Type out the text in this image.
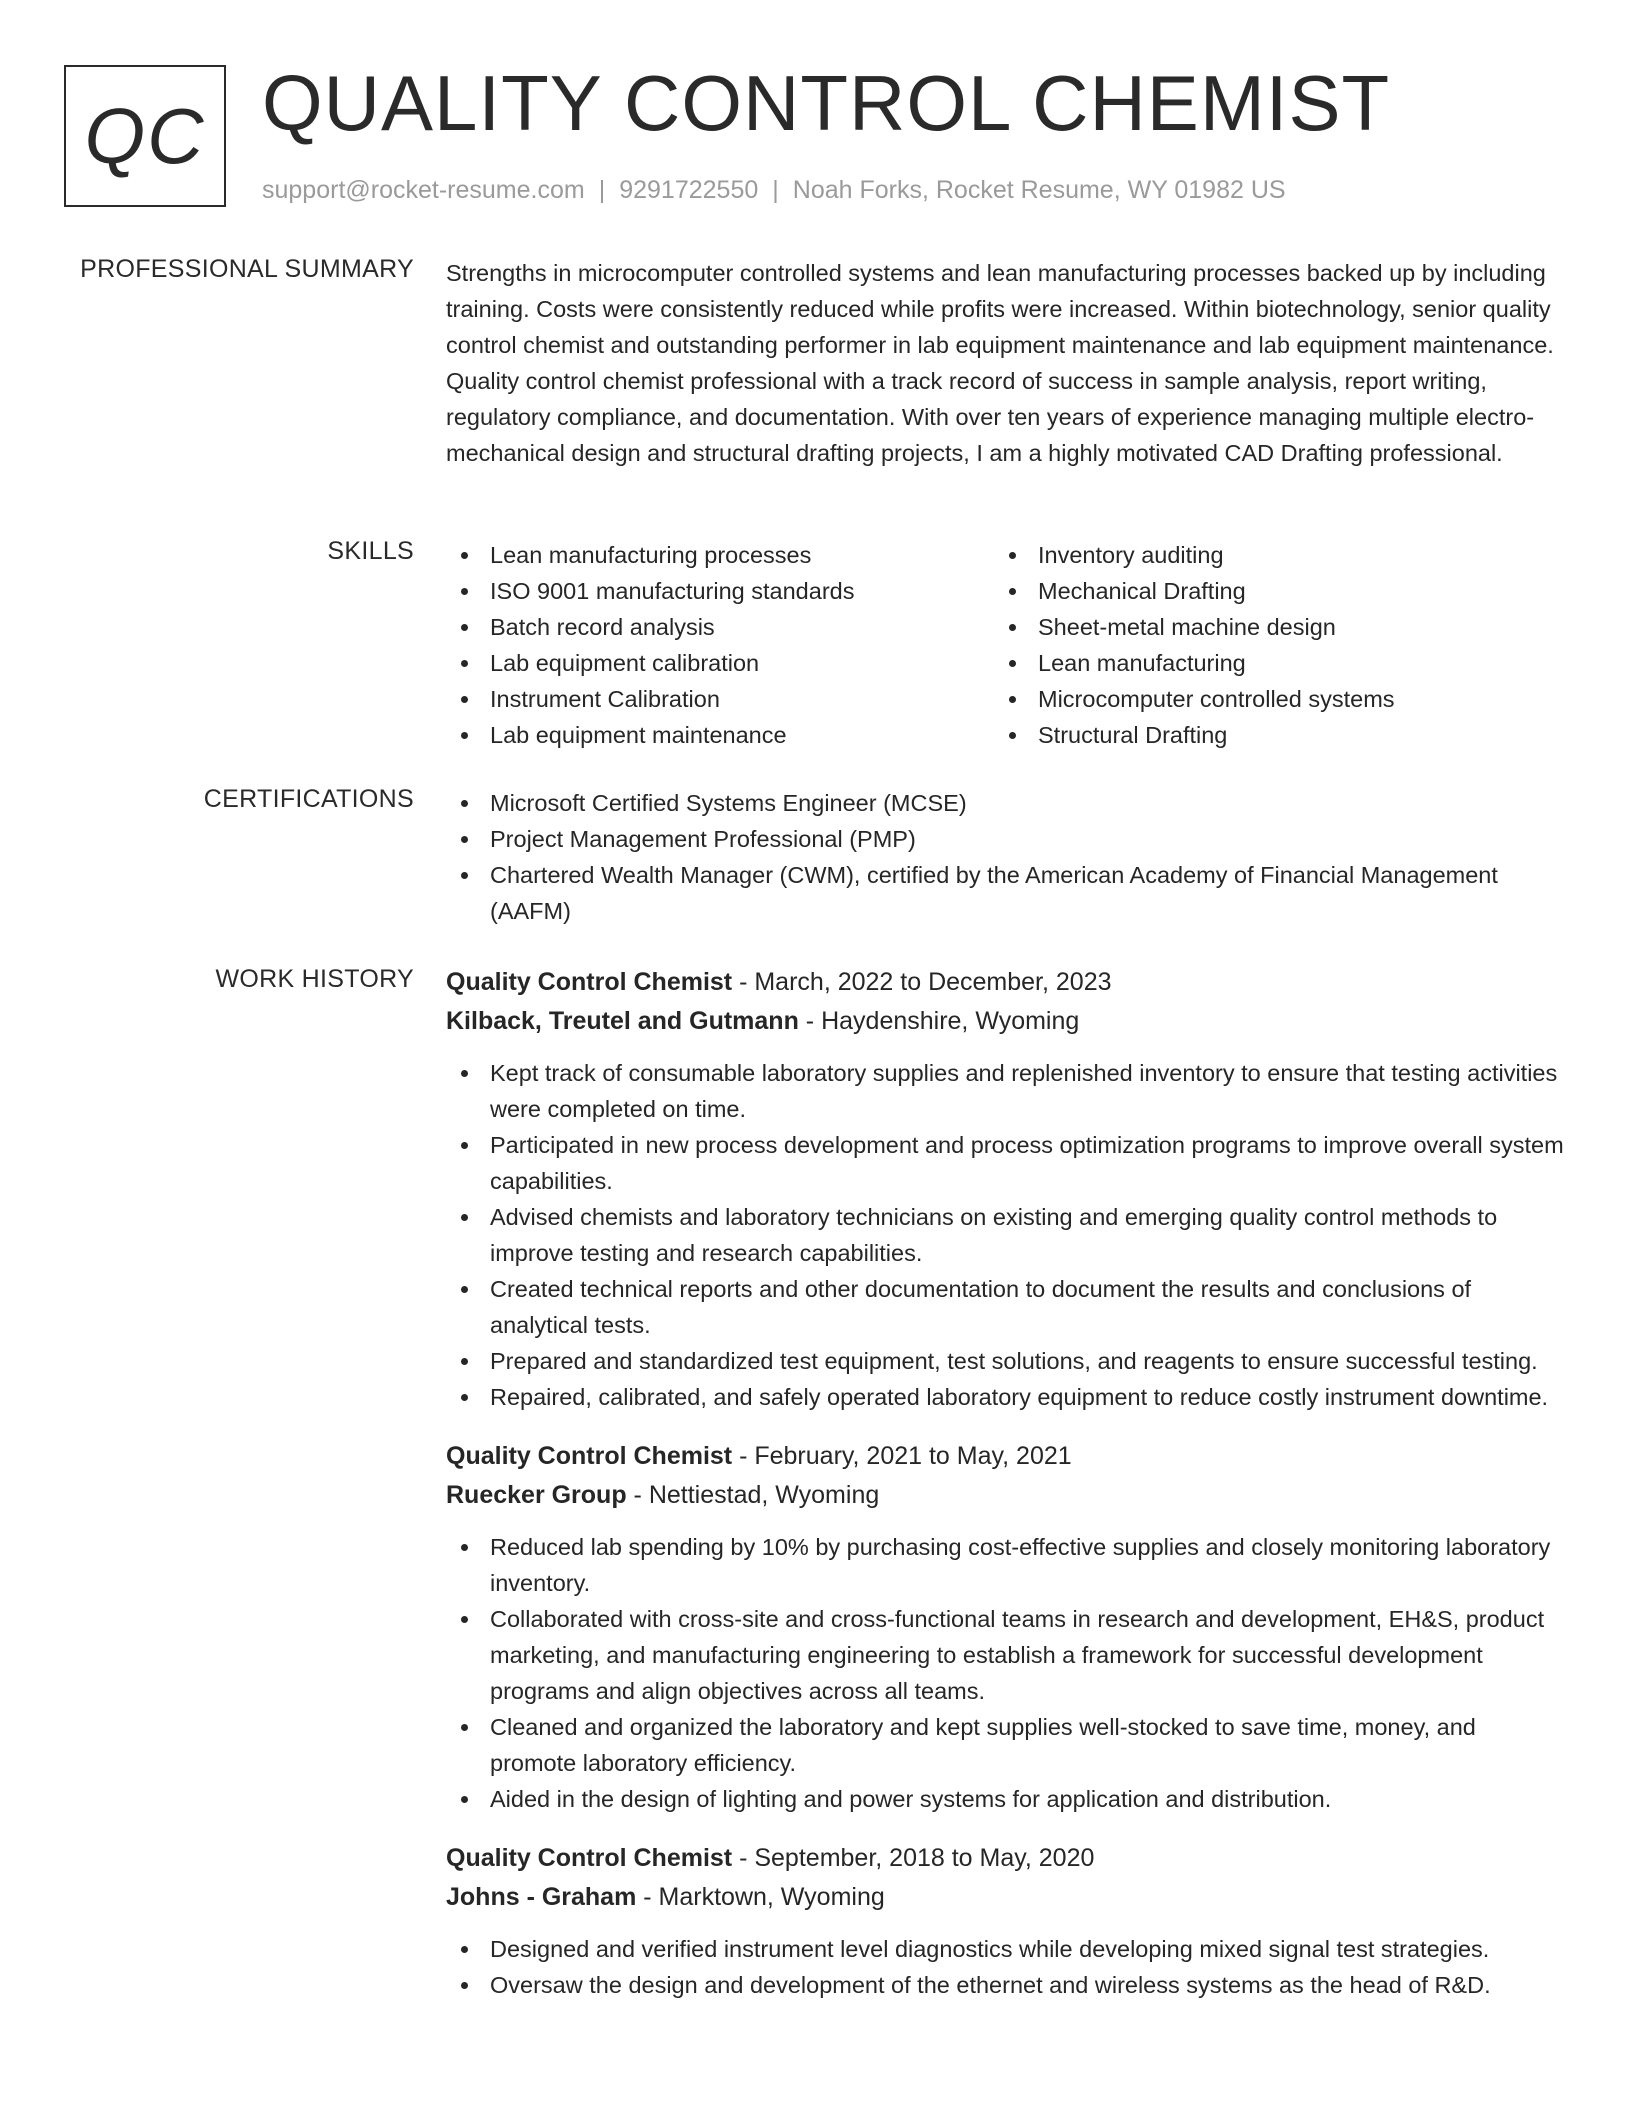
QC QUALITY CONTROL CHEMIST
support@rocket-resume.com | 9291722550 | Noah Forks, Rocket Resume, WY 01982 US
PROFESSIONAL SUMMARY Strengths in microcomputer controlled systems and lean manufacturing processes backed up by including training. Costs were consistently reduced while profits were increased. Within biotechnology, senior quality control chemist and outstanding performer in lab equipment maintenance and lab equipment maintenance. Quality control chemist professional with a track record of success in sample analysis, report writing, regulatory compliance, and documentation. With over ten years of experience managing multiple electro-mechanical design and structural drafting projects, I am a highly motivated CAD Drafting professional.

SKILLS	Lean manufacturing processes
ISO 9001 manufacturing standards
Batch record analysis
Lab equipment calibration
Instrument Calibration
Lab equipment maintenance
Inventory auditing
Mechanical Drafting
Sheet-metal machine design
Lean manufacturing
Microcomputer controlled systems
Structural Drafting
CERTIFICATIONS	Microsoft Certified Systems Engineer (MCSE)
Project Management Professional (PMP)
Chartered Wealth Manager (CWM), certified by the American Academy of Financial Management (AAFM)
WORK HISTORY Quality Control Chemist - March, 2022 to December, 2023
Kilback, Treutel and Gutmann - Haydenshire, Wyoming
Kept track of consumable laboratory supplies and replenished inventory to ensure that testing activities were completed on time.
Participated in new process development and process optimization programs to improve overall system capabilities.
Advised chemists and laboratory technicians on existing and emerging quality control methods to improve testing and research capabilities.
Created technical reports and other documentation to document the results and conclusions of analytical tests.
Prepared and standardized test equipment, test solutions, and reagents to ensure successful testing.
Repaired, calibrated, and safely operated laboratory equipment to reduce costly instrument downtime.
Quality Control Chemist - February, 2021 to May, 2021
Ruecker Group - Nettiestad, Wyoming
Reduced lab spending by 10% by purchasing cost-effective supplies and closely monitoring laboratory inventory.
Collaborated with cross-site and cross-functional teams in research and development, EH&S, product marketing, and manufacturing engineering to establish a framework for successful development programs and align objectives across all teams.
Cleaned and organized the laboratory and kept supplies well-stocked to save time, money, and promote laboratory efficiency.
Aided in the design of lighting and power systems for application and distribution.
Quality Control Chemist - September, 2018 to May, 2020
Johns - Graham - Marktown, Wyoming
Designed and verified instrument level diagnostics while developing mixed signal test strategies.
Oversaw the design and development of the ethernet and wireless systems as the head of R&D.
